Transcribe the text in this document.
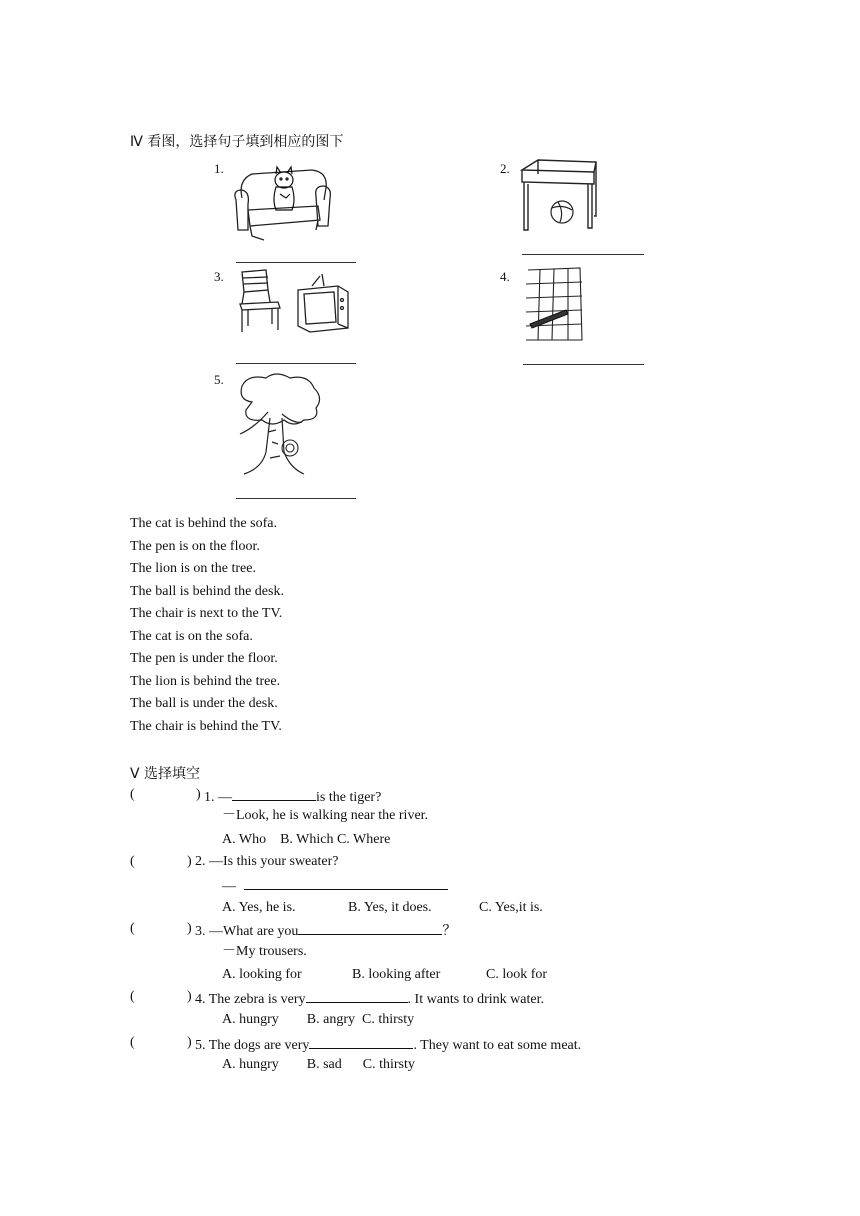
Ⅳ 看图，选择句子填到相应的图下
1.	2.
3.	4.
5.
The cat is behind the sofa.
The pen is on the floor.
The lion is on the tree.
The ball is behind the desk.
The chair is next to the TV.
The cat is on the sofa.
The pen is under the floor.
The lion is behind the tree.
The ball is under the desk.
The chair is behind the TV.
Ⅴ 选择填空
(	) 1. —	is the tiger?
－Look, he is walking near the river.
A. Who    B. Which C. Where
(	) 2. —Is this your sweater?
—
A. Yes, he is.	B. Yes, it does.	C. Yes,it is.
(	) 3. —What are you	？
－My trousers.
A. looking for	B. looking after	C. look for
(	) 4. The zebra is very	. It wants to drink water.
A. hungry        B. angry  C. thirsty
(	) 5. The dogs are very	. They want to eat some meat.
A. hungry        B. sad      C. thirsty
